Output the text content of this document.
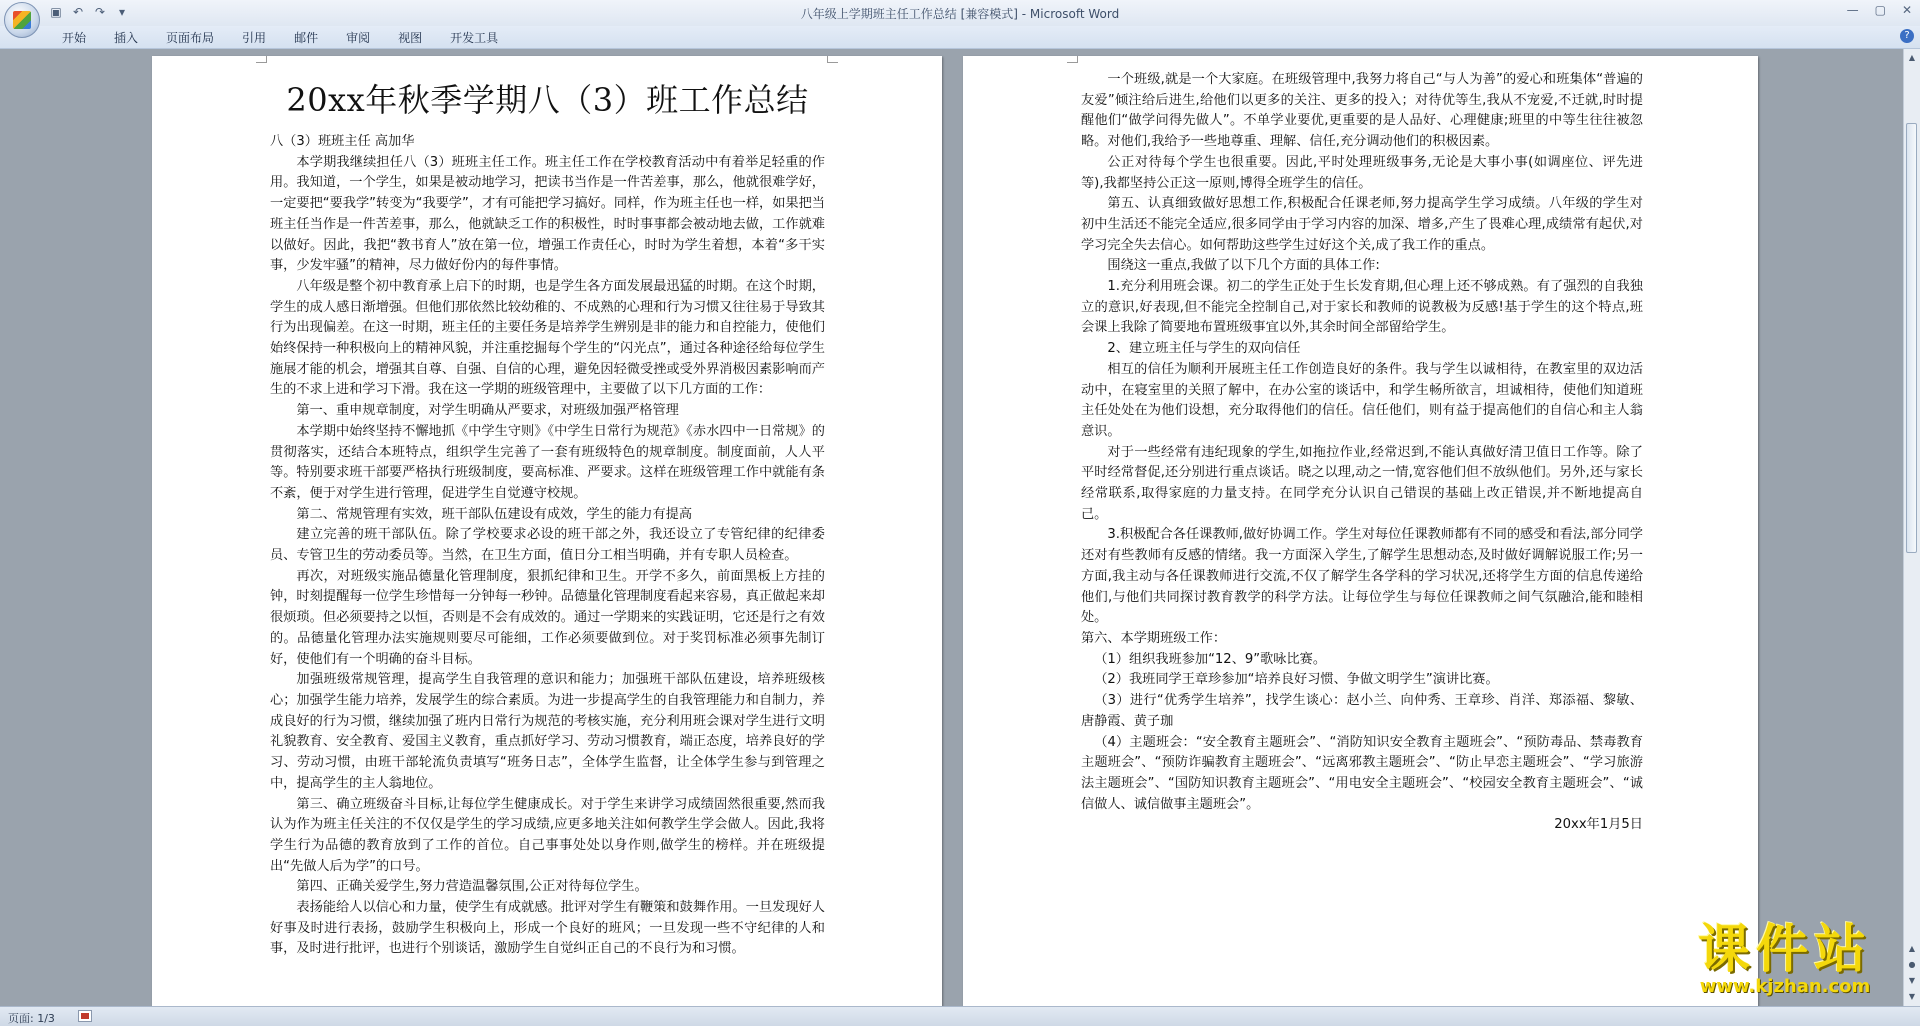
▣ ↶ ↷	▾	八年级上学期班主任工作总结 [兼容模式] - Microsoft Word	— ▢ ✕
开始	插入	页面布局	引用	邮件	审阅	视图	开发工具	?
20xx年秋季学期八（3）班工作总结

八（3）班班主任 高加华

本学期我继续担任八（3）班班主任工作。班主任工作在学校教育活动中有着举足轻重的作用。我知道，一个学生，如果是被动地学习，把读书当作是一件苦差事，那么，他就很难学好，一定要把“要我学”转变为“我要学”，才有可能把学习搞好。同样，作为班主任也一样，如果把当班主任当作是一件苦差事，那么，他就缺乏工作的积极性，时时事事都会被动地去做，工作就难以做好。因此，我把“教书育人”放在第一位，增强工作责任心，时时为学生着想，本着“多干实事，少发牢骚”的精神，尽力做好份内的每件事情。

八年级是整个初中教育承上启下的时期，也是学生各方面发展最迅猛的时期。在这个时期，学生的成人感日渐增强。但他们那依然比较幼稚的、不成熟的心理和行为习惯又往往易于导致其行为出现偏差。在这一时期，班主任的主要任务是培养学生辨别是非的能力和自控能力，使他们始终保持一种积极向上的精神风貌，并注重挖掘每个学生的“闪光点”，通过各种途径给每位学生施展才能的机会，增强其自尊、自强、自信的心理，避免因轻微受挫或受外界消极因素影响而产生的不求上进和学习下滑。我在这一学期的班级管理中，主要做了以下几方面的工作：

第一、重申规章制度，对学生明确从严要求，对班级加强严格管理

本学期中始终坚持不懈地抓《中学生守则》《中学生日常行为规范》《赤水四中一日常规》的贯彻落实，还结合本班特点，组织学生完善了一套有班级特色的规章制度。制度面前，人人平等。特别要求班干部要严格执行班级制度，要高标准、严要求。这样在班级管理工作中就能有条不紊，便于对学生进行管理，促进学生自觉遵守校规。

第二、常规管理有实效，班干部队伍建设有成效，学生的能力有提高

建立完善的班干部队伍。除了学校要求必设的班干部之外，我还设立了专管纪律的纪律委员、专管卫生的劳动委员等。当然，在卫生方面，值日分工相当明确，并有专职人员检查。

再次，对班级实施品德量化管理制度，狠抓纪律和卫生。开学不多久，前面黑板上方挂的钟，时刻提醒每一位学生珍惜每一分钟每一秒钟。品德量化管理制度看起来容易，真正做起来却很烦琐。但必须要持之以恒，否则是不会有成效的。通过一学期来的实践证明，它还是行之有效的。品德量化管理办法实施规则要尽可能细，工作必须要做到位。对于奖罚标准必须事先制订好，使他们有一个明确的奋斗目标。

加强班级常规管理，提高学生自我管理的意识和能力；加强班干部队伍建设，培养班级核心；加强学生能力培养，发展学生的综合素质。为进一步提高学生的自我管理能力和自制力，养成良好的行为习惯，继续加强了班内日常行为规范的考核实施，充分利用班会课对学生进行文明礼貌教育、安全教育、爱国主义教育，重点抓好学习、劳动习惯教育，端正态度，培养良好的学习、劳动习惯，由班干部轮流负责填写“班务日志”，全体学生监督，让全体学生参与到管理之中，提高学生的主人翁地位。

第三、确立班级奋斗目标,让每位学生健康成长。对于学生来讲学习成绩固然很重要,然而我认为作为班主任关注的不仅仅是学生的学习成绩,应更多地关注如何教学生学会做人。因此,我将学生行为品德的教育放到了工作的首位。自己事事处处以身作则,做学生的榜样。并在班级提出“先做人后为学”的口号。

第四、正确关爱学生,努力营造温馨氛围,公正对待每位学生。

表扬能给人以信心和力量，使学生有成就感。批评对学生有鞭策和鼓舞作用。一旦发现好人好事及时进行表扬，鼓励学生积极向上，形成一个良好的班风；一旦发现一些不守纪律的人和事，及时进行批评，也进行个别谈话，激励学生自觉纠正自己的不良行为和习惯。

一个班级,就是一个大家庭。在班级管理中,我努力将自己“与人为善”的爱心和班集体“普遍的友爱”倾注给后进生,给他们以更多的关注、更多的投入；对待优等生,我从不宠爱,不迁就,时时提醒他们“做学问得先做人”。不单学业要优,更重要的是人品好、心理健康;班里的中等生往往被忽略。对他们,我给予一些地尊重、理解、信任,充分调动他们的积极因素。

公正对待每个学生也很重要。因此,平时处理班级事务,无论是大事小事(如调座位、评先进等),我都坚持公正这一原则,博得全班学生的信任。

第五、认真细致做好思想工作,积极配合任课老师,努力提高学生学习成绩。八年级的学生对初中生活还不能完全适应,很多同学由于学习内容的加深、增多,产生了畏难心理,成绩常有起伏,对学习完全失去信心。如何帮助这些学生过好这个关,成了我工作的重点。

围绕这一重点,我做了以下几个方面的具体工作:

1.充分利用班会课。初二的学生正处于生长发育期,但心理上还不够成熟。有了强烈的自我独立的意识,好表现,但不能完全控制自己,对于家长和教师的说教极为反感!基于学生的这个特点,班会课上我除了简要地布置班级事宜以外,其余时间全部留给学生。

2、建立班主任与学生的双向信任

相互的信任为顺利开展班主任工作创造良好的条件。我与学生以诚相待，在教室里的双边活动中，在寝室里的关照了解中，在办公室的谈话中，和学生畅所欲言，坦诚相待，使他们知道班主任处处在为他们设想，充分取得他们的信任。信任他们，则有益于提高他们的自信心和主人翁意识。

对于一些经常有违纪现象的学生,如拖拉作业,经常迟到,不能认真做好清卫值日工作等。除了平时经常督促,还分别进行重点谈话。晓之以理,动之一情,宽容他们但不放纵他们。另外,还与家长经常联系,取得家庭的力量支持。在同学充分认识自己错误的基础上改正错误,并不断地提高自己。

3.积极配合各任课教师,做好协调工作。学生对每位任课教师都有不同的感受和看法,部分同学还对有些教师有反感的情绪。我一方面深入学生,了解学生思想动态,及时做好调解说服工作;另一方面,我主动与各任课教师进行交流,不仅了解学生各学科的学习状况,还将学生方面的信息传递给他们,与他们共同探讨教育教学的科学方法。让每位学生与每位任课教师之间气氛融洽,能和睦相处。

第六、本学期班级工作：

（1）组织我班参加“12、9”歌咏比赛。

（2）我班同学王章珍参加“培养良好习惯、争做文明学生”演讲比赛。

（3）进行“优秀学生培养”，找学生谈心：赵小兰、向仲秀、王章珍、肖洋、郑添福、黎敏、唐静霞、黄子珈

（4）主题班会：“安全教育主题班会”、“消防知识安全教育主题班会”、“预防毒品、禁毒教育主题班会”、“预防诈骗教育主题班会”、“远离邪教主题班会”、“防止早恋主题班会”、“学习旅游法主题班会”、“国防知识教育主题班会”、“用电安全主题班会”、“校园安全教育主题班会”、“诚信做人、诚信做事主题班会”。

20xx年1月5日

▲
▲
●
▼
▼
课件站
www.kjzhan.com
页面: 1/3
